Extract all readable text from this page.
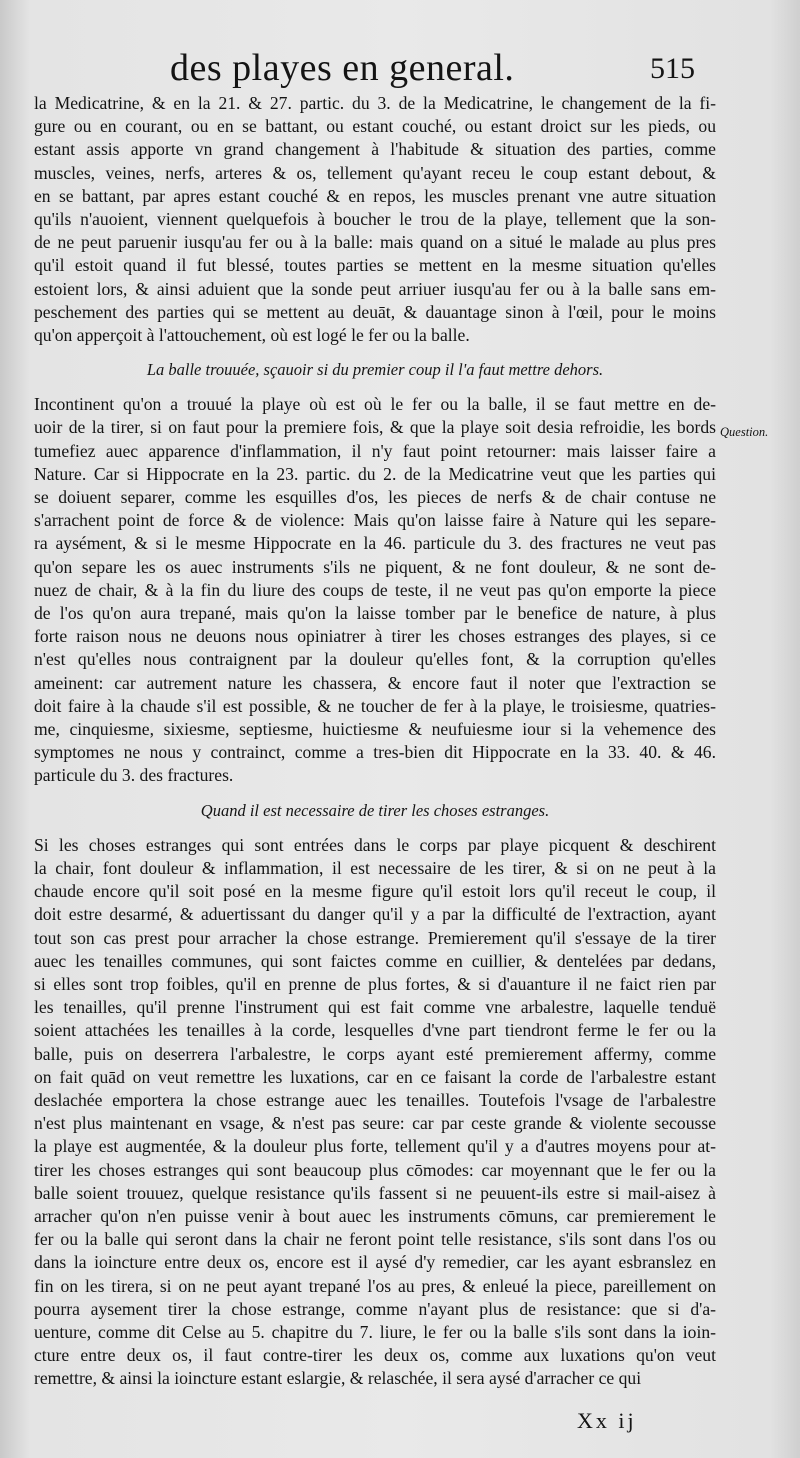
des playes en general.	515
Question.
la Medicatrine, & en la 21. & 27. partic. du 3. de la Medicatrine, le changement de la fi-
gure ou en courant, ou en se battant, ou estant couché, ou estant droict sur les pieds, ou
estant assis apporte vn grand changement à l'habitude & situation des parties, comme
muscles, veines, nerfs, arteres & os, tellement qu'ayant receu le coup estant debout, &
en se battant, par apres estant couché & en repos, les muscles prenant vne autre situation
qu'ils n'auoient, viennent quelquefois à boucher le trou de la playe, tellement que la son-
de ne peut paruenir iusqu'au fer ou à la balle: mais quand on a situé le malade au plus pres
qu'il estoit quand il fut blessé, toutes parties se mettent en la mesme situation qu'elles
estoient lors, & ainsi aduient que la sonde peut arriuer iusqu'au fer ou à la balle sans em-
peschement des parties qui se mettent au deuāt, & dauantage sinon à l'œil, pour le moins
qu'on apperçoit à l'attouchement, où est logé le fer ou la balle.
La balle trouuée, sçauoir si du premier coup il l'a faut mettre dehors.
Incontinent qu'on a trouué la playe où est où le fer ou la balle, il se faut mettre en de-
uoir de la tirer, si on faut pour la premiere fois, & que la playe soit desia refroidie, les bords
tumefiez auec apparence d'inflammation, il n'y faut point retourner: mais laisser faire a
Nature. Car si Hippocrate en la 23. partic. du 2. de la Medicatrine veut que les parties qui
se doiuent separer, comme les esquilles d'os, les pieces de nerfs & de chair contuse ne
s'arrachent point de force & de violence: Mais qu'on laisse faire à Nature qui les separe-
ra aysément, & si le mesme Hippocrate en la 46. particule du 3. des fractures ne veut pas
qu'on separe les os auec instruments s'ils ne piquent, & ne font douleur, & ne sont de-
nuez de chair, & à la fin du liure des coups de teste, il ne veut pas qu'on emporte la piece
de l'os qu'on aura trepané, mais qu'on la laisse tomber par le benefice de nature, à plus
forte raison nous ne deuons nous opiniatrer à tirer les choses estranges des playes, si ce
n'est qu'elles nous contraignent par la douleur qu'elles font, & la corruption qu'elles
ameinent: car autrement nature les chassera, & encore faut il noter que l'extraction se
doit faire à la chaude s'il est possible, & ne toucher de fer à la playe, le troisiesme, quatries-
me, cinquiesme, sixiesme, septiesme, huictiesme & neufuiesme iour si la vehemence des
symptomes ne nous y contrainct, comme a tres-bien dit Hippocrate en la 33. 40. & 46.
particule du 3. des fractures.
Quand il est necessaire de tirer les choses estranges.
Si les choses estranges qui sont entrées dans le corps par playe picquent & deschirent
la chair, font douleur & inflammation, il est necessaire de les tirer, & si on ne peut à la
chaude encore qu'il soit posé en la mesme figure qu'il estoit lors qu'il receut le coup, il
doit estre desarmé, & aduertissant du danger qu'il y a par la difficulté de l'extraction, ayant
tout son cas prest pour arracher la chose estrange. Premierement qu'il s'essaye de la tirer
auec les tenailles communes, qui sont faictes comme en cuillier, & dentelées par dedans,
si elles sont trop foibles, qu'il en prenne de plus fortes, & si d'auanture il ne faict rien par
les tenailles, qu'il prenne l'instrument qui est fait comme vne arbalestre, laquelle tenduë
soient attachées les tenailles à la corde, lesquelles d'vne part tiendront ferme le fer ou la
balle, puis on deserrera l'arbalestre, le corps ayant esté premierement affermy, comme
on fait quād on veut remettre les luxations, car en ce faisant la corde de l'arbalestre estant
deslachée emportera la chose estrange auec les tenailles. Toutefois l'vsage de l'arbalestre
n'est plus maintenant en vsage, & n'est pas seure: car par ceste grande & violente secousse
la playe est augmentée, & la douleur plus forte, tellement qu'il y a d'autres moyens pour at-
tirer les choses estranges qui sont beaucoup plus cōmodes: car moyennant que le fer ou la
balle soient trouuez, quelque resistance qu'ils fassent si ne peuuent-ils estre si mail-aisez à
arracher qu'on n'en puisse venir à bout auec les instruments cōmuns, car premierement le
fer ou la balle qui seront dans la chair ne feront point telle resistance, s'ils sont dans l'os ou
dans la ioincture entre deux os, encore est il aysé d'y remedier, car les ayant esbranslez en
fin on les tirera, si on ne peut ayant trepané l'os au pres, & enleué la piece, pareillement on
pourra aysement tirer la chose estrange, comme n'ayant plus de resistance: que si d'a-
uenture, comme dit Celse au 5. chapitre du 7. liure, le fer ou la balle s'ils sont dans la ioin-
cture entre deux os, il faut contre-tirer les deux os, comme aux luxations qu'on veut
remettre, & ainsi la ioincture estant eslargie, & relaschée, il sera aysé d'arracher ce qui
Xx ij
